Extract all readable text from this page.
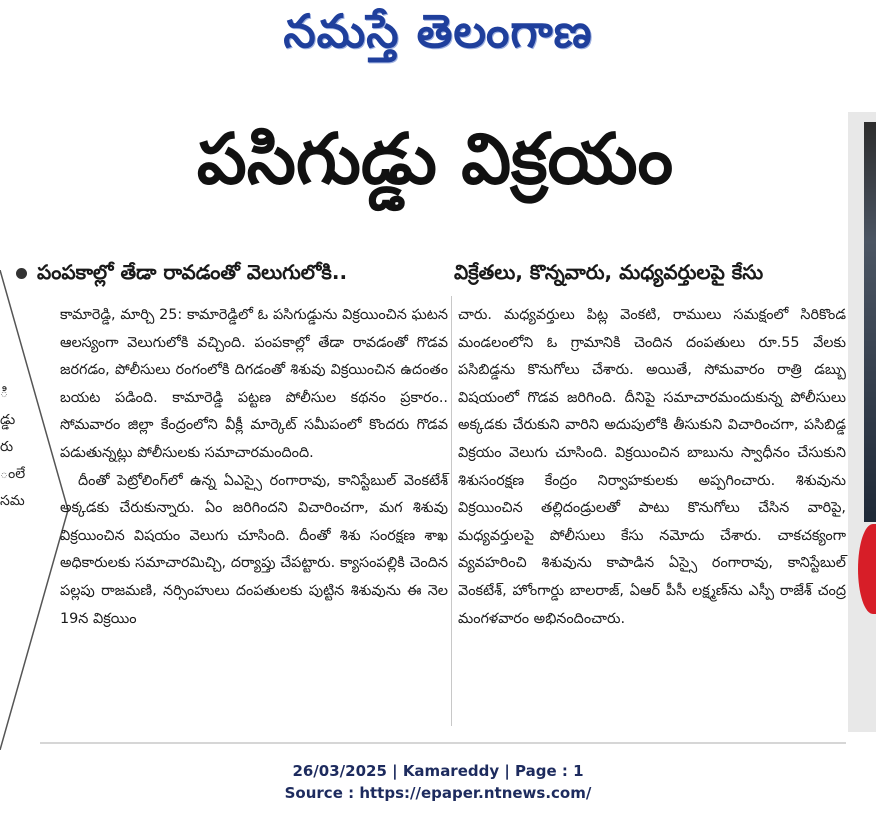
నమస్తే తెలంగాణ
పసిగుడ్డు విక్రయం
పంపకాల్లో తేడా రావడంతో వెలుగులోకి..	విక్రేతలు, కొన్నవారు, మధ్యవర్తులపై కేసు
ి
డ్డు
రు
ంలే
సమ

కామారెడ్డి, మార్చి 25: కామారెడ్డిలో ఓ పసిగుడ్డును విక్రయించిన ఘటన ఆలస్యంగా వెలుగులోకి వచ్చింది. పంపకాల్లో తేడా రావడంతో గొడవ జరగడం, పోలీసులు రంగంలోకి దిగడంతో శిశువు విక్రయించిన ఉదంతం బయట పడింది. కామారెడ్డి పట్టణ పోలీసుల కథనం ప్రకారం.. సోమవారం జిల్లా కేంద్రంలోని వీక్లీ మార్కెట్ సమీపంలో కొందరు గొడవ పడుతున్నట్లు పోలీసులకు సమాచారమందింది.

దీంతో పెట్రోలింగ్‌లో ఉన్న ఏఎస్సై రంగారావు, కానిస్టేబుల్ వెంకటేశ్ అక్కడకు చేరుకున్నారు. ఏం జరిగిందని విచారించగా, మగ శిశువు విక్రయించిన విషయం వెలుగు చూసింది. దీంతో శిశు సంరక్షణ శాఖ అధికారులకు సమాచారమిచ్చి, దర్యాప్తు చేపట్టారు. క్యాసంపల్లికి చెందిన పల్లపు రాజమణి, నర్సింహులు దంపతులకు పుట్టిన శిశువును ఈ నెల 19న విక్రయిం

చారు. మధ్యవర్తులు పిట్ల వెంకటి, రాములు సమక్షంలో సిరికొండ మండలంలోని ఓ గ్రామానికి చెందిన దంపతులు రూ.55 వేలకు పసిబిడ్డను కొనుగోలు చేశారు. అయితే, సోమవారం రాత్రి డబ్బు విషయంలో గొడవ జరిగింది. దీనిపై సమాచారమందుకున్న పోలీసులు అక్కడకు చేరుకుని వారిని అదుపులోకి తీసుకుని విచారించగా, పసిబిడ్డ విక్రయం వెలుగు చూసింది. విక్రయించిన బాబును స్వాధీనం చేసుకుని శిశుసంరక్షణ కేంద్రం నిర్వాహకులకు అప్పగించారు. శిశువును విక్రయించిన తల్లిదండ్రులతో పాటు కొనుగోలు చేసిన వారిపై, మధ్యవర్తులపై పోలీసులు కేసు నమోదు చేశారు. చాకచక్యంగా వ్యవహరించి శిశువును కాపాడిన ఏస్సై రంగారావు, కానిస్టేబుల్ వెంకటేశ్, హోంగార్డు బాలరాజ్, ఏఆర్ పీసీ లక్ష్మణ్‌ను ఎస్పీ రాజేశ్ చంద్ర మంగళవారం అభినందించారు.

26/03/2025 | Kamareddy | Page : 1
Source : https://epaper.ntnews.com/
